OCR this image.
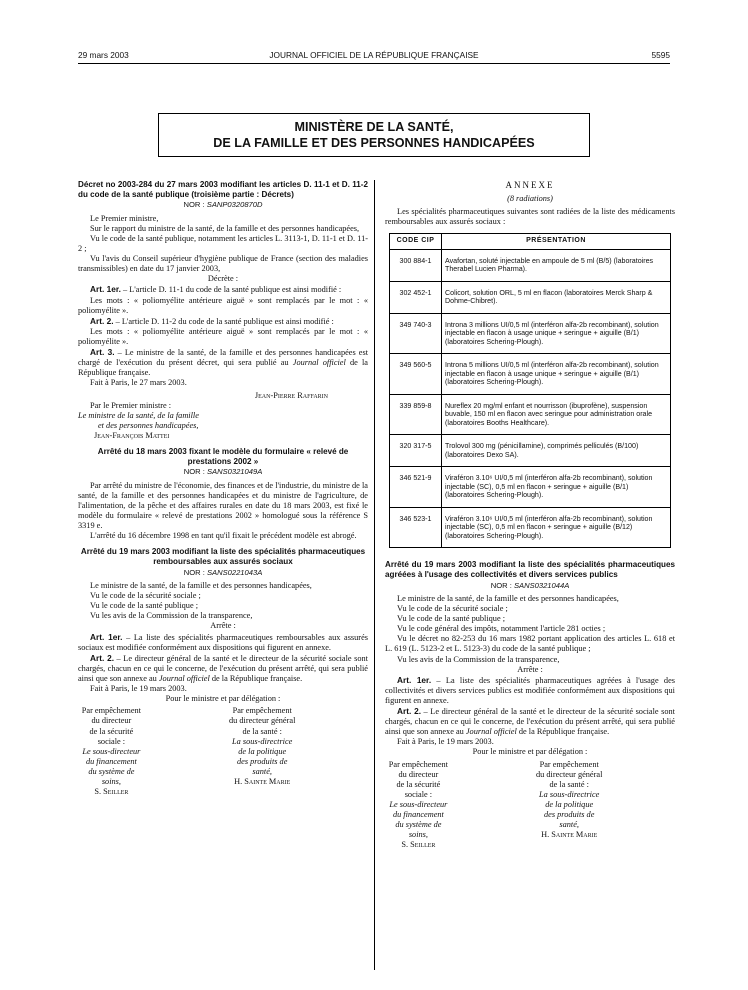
29 mars 2003	JOURNAL OFFICIEL DE LA RÉPUBLIQUE FRANÇAISE	5595
MINISTÈRE DE LA SANTÉ,
DE LA FAMILLE ET DES PERSONNES HANDICAPÉES
Décret no 2003-284 du 27 mars 2003 modifiant les articles D. 11-1 et D. 11-2 du code de la santé publique (troisième partie : Décrets)
NOR : SANP0320870D

Le Premier ministre,

Sur le rapport du ministre de la santé, de la famille et des personnes handicapées,

Vu le code de la santé publique, notamment les articles L. 3113-1, D. 11-1 et D. 11-2 ;

Vu l'avis du Conseil supérieur d'hygiène publique de France (section des maladies transmissibles) en date du 17 janvier 2003,

Décrète :

Art. 1er. – L'article D. 11-1 du code de la santé publique est ainsi modifié :

Les mots : « poliomyélite antérieure aiguë » sont remplacés par le mot : « poliomyélite ».

Art. 2. – L'article D. 11-2 du code de la santé publique est ainsi modifié :

Les mots : « poliomyélite antérieure aiguë » sont remplacés par le mot : « poliomyélite ».

Art. 3. – Le ministre de la santé, de la famille et des personnes handicapées est chargé de l'exécution du présent décret, qui sera publié au Journal officiel de la République française.

Fait à Paris, le 27 mars 2003.

Jean-Pierre Raffarin

Par le Premier ministre :

Le ministre de la santé, de la famille

et des personnes handicapées,

Jean-François Mattei

Arrêté du 18 mars 2003 fixant le modèle du formulaire « relevé de prestations 2002 »
NOR : SANS0321049A

Par arrêté du ministre de l'économie, des finances et de l'industrie, du ministre de la santé, de la famille et des personnes handicapées et du ministre de l'agriculture, de l'alimentation, de la pêche et des affaires rurales en date du 18 mars 2003, est fixé le modèle du formulaire « relevé de prestations 2002 » homologué sous la référence S 3319 e.

L'arrêté du 16 décembre 1998 en tant qu'il fixait le précédent modèle est abrogé.

Arrêté du 19 mars 2003 modifiant la liste des spécialités pharmaceutiques remboursables aux assurés sociaux
NOR : SANS0221043A

Le ministre de la santé, de la famille et des personnes handicapées,

Vu le code de la sécurité sociale ;

Vu le code de la santé publique ;

Vu les avis de la Commission de la transparence,

Arrête :

Art. 1er. – La liste des spécialités pharmaceutiques remboursables aux assurés sociaux est modifiée conformément aux dispositions qui figurent en annexe.

Art. 2. – Le directeur général de la santé et le directeur de la sécurité sociale sont chargés, chacun en ce qui le concerne, de l'exécution du présent arrêté, qui sera publié ainsi que son annexe au Journal officiel de la République française.

Fait à Paris, le 19 mars 2003.

Pour le ministre et par délégation :

Par empêchement du directeur
de la sécurité sociale :
Le sous-directeur
du financement
du système de soins,
S. Seiller
Par empêchement
du directeur général de la santé :
La sous-directrice
de la politique
des produits de santé,
H. Sainte Marie
ANNEXE
(8 radiations)

Les spécialités pharmaceutiques suivantes sont radiées de la liste des médicaments remboursables aux assurés sociaux :

CODE CIP	PRÉSENTATION
300 884-1	Avafortan, soluté injectable en ampoule de 5 ml (B/5) (laboratoires Therabel Lucien Pharma).
302 452-1	Colicort, solution ORL, 5 ml en flacon (laboratoires Merck Sharp & Dohme-Chibret).
349 740-3	Introna 3 millions UI/0,5 ml (interféron alfa-2b recombinant), solution injectable en flacon à usage unique + seringue + aiguille (B/1) (laboratoires Schering-Plough).
349 560-5	Introna 5 millions UI/0,5 ml (interféron alfa-2b recombinant), solution injectable en flacon à usage unique + seringue + aiguille (B/1) (laboratoires Schering-Plough).
339 859-8	Nureflex 20 mg/ml enfant et nourrisson (ibuprofène), suspension buvable, 150 ml en flacon avec seringue pour administration orale (laboratoires Booths Healthcare).
320 317-5	Trolovol 300 mg (pénicillamine), comprimés pelliculés (B/100) (laboratoires Dexo SA).
346 521-9	Viraféron 3.10⁶ UI/0,5 ml (interféron alfa-2b recombinant), solution injectable (SC), 0,5 ml en flacon + seringue + aiguille (B/1) (laboratoires Schering-Plough).
346 523-1	Viraféron 3.10⁶ UI/0,5 ml (interféron alfa-2b recombinant), solution injectable (SC), 0,5 ml en flacon + seringue + aiguille (B/12) (laboratoires Schering-Plough).
Arrêté du 19 mars 2003 modifiant la liste des spécialités pharmaceutiques agréées à l'usage des collectivités et divers services publics
NOR : SANS0321044A

Le ministre de la santé, de la famille et des personnes handicapées,

Vu le code de la sécurité sociale ;

Vu le code de la santé publique ;

Vu le code général des impôts, notamment l'article 281 octies ;

Vu le décret no 82-253 du 16 mars 1982 portant application des articles L. 618 et L. 619 (L. 5123-2 et L. 5123-3) du code de la santé publique ;

Vu les avis de la Commission de la transparence,

Arrête :

Art. 1er. – La liste des spécialités pharmaceutiques agréées à l'usage des collectivités et divers services publics est modifiée conformément aux dispositions qui figurent en annexe.

Art. 2. – Le directeur général de la santé et le directeur de la sécurité sociale sont chargés, chacun en ce qui le concerne, de l'exécution du présent arrêté, qui sera publié ainsi que son annexe au Journal officiel de la République française.

Fait à Paris, le 19 mars 2003.

Pour le ministre et par délégation :

Par empêchement du directeur
de la sécurité sociale :
Le sous-directeur
du financement
du système de soins,
S. Seiller
Par empêchement
du directeur général de la santé :
La sous-directrice
de la politique
des produits de santé,
H. Sainte Marie
